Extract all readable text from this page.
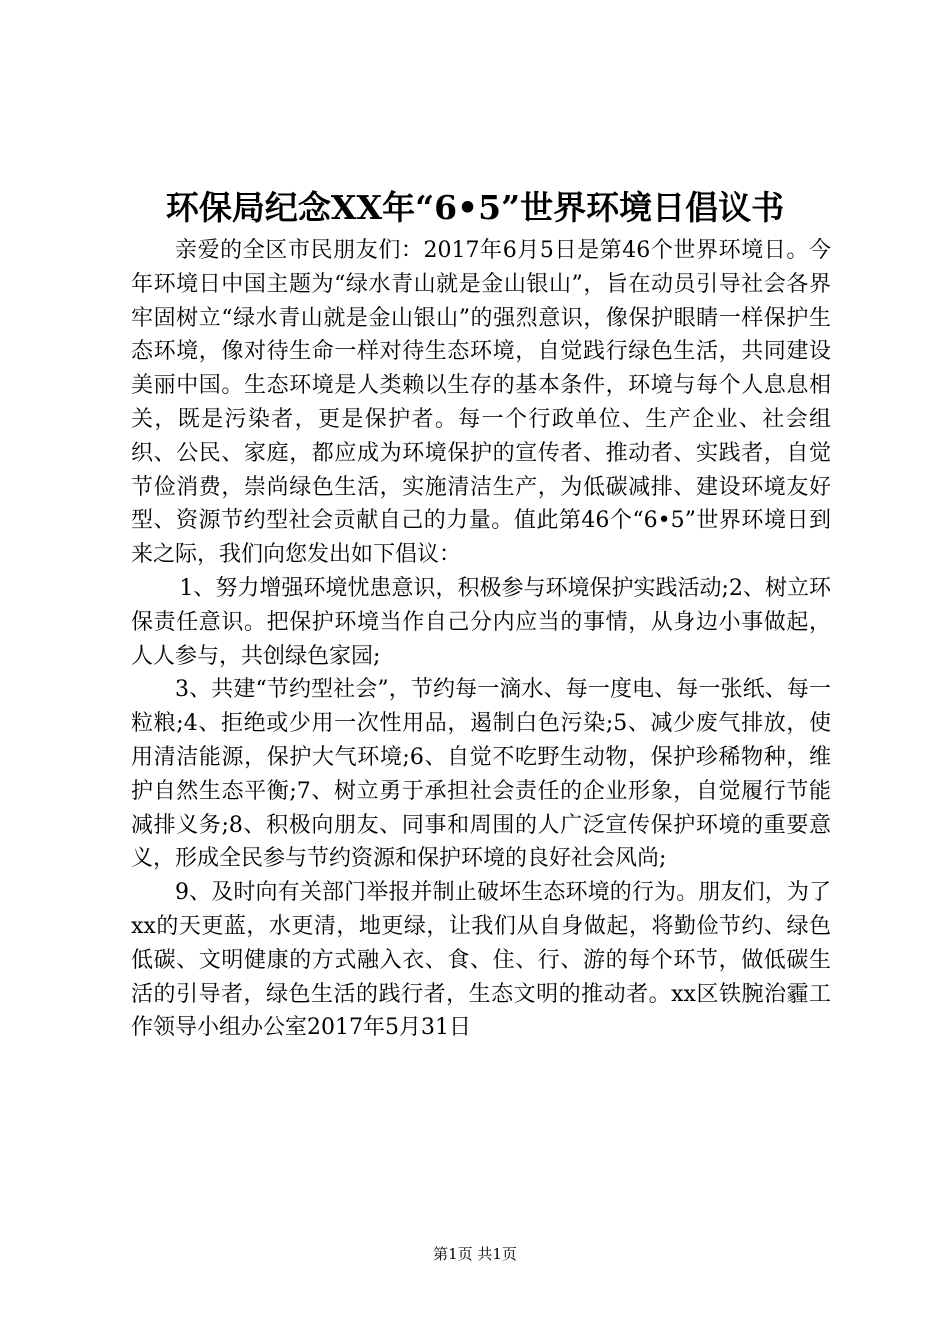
环保局纪念XX年“6•5”世界环境日倡议书

亲爱的全区市民朋友们：2017年6月5日是第46个世界环境日。今年环境日中国主题为“绿水青山就是金山银山”，旨在动员引导社会各界牢固树立“绿水青山就是金山银山”的强烈意识，像保护眼睛一样保护生态环境，像对待生命一样对待生态环境，自觉践行绿色生活，共同建设美丽中国。生态环境是人类赖以生存的基本条件，环境与每个人息息相关，既是污染者，更是保护者。每一个行政单位、生产企业、社会组织、公民、家庭，都应成为环境保护的宣传者、推动者、实践者，自觉节俭消费，崇尚绿色生活，实施清洁生产，为低碳减排、建设环境友好型、资源节约型社会贡献自己的力量。值此第46个“6•5”世界环境日到来之际，我们向您发出如下倡议：

1、努力增强环境忧患意识，积极参与环境保护实践活动;2、树立环保责任意识。把保护环境当作自己分内应当的事情，从身边小事做起，人人参与，共创绿色家园;

3、共建“节约型社会”，节约每一滴水、每一度电、每一张纸、每一粒粮;4、拒绝或少用一次性用品，遏制白色污染;5、减少废气排放，使用清洁能源，保护大气环境;6、自觉不吃野生动物，保护珍稀物种，维护自然生态平衡;7、树立勇于承担社会责任的企业形象，自觉履行节能减排义务;8、积极向朋友、同事和周围的人广泛宣传保护环境的重要意义，形成全民参与节约资源和保护环境的良好社会风尚;

9、及时向有关部门举报并制止破坏生态环境的行为。朋友们，为了xx的天更蓝，水更清，地更绿，让我们从自身做起，将勤俭节约、绿色低碳、文明健康的方式融入衣、食、住、行、游的每个环节，做低碳生活的引导者，绿色生活的践行者，生态文明的推动者。xx区铁腕治霾工作领导小组办公室2017年5月31日

第1页 共1页
